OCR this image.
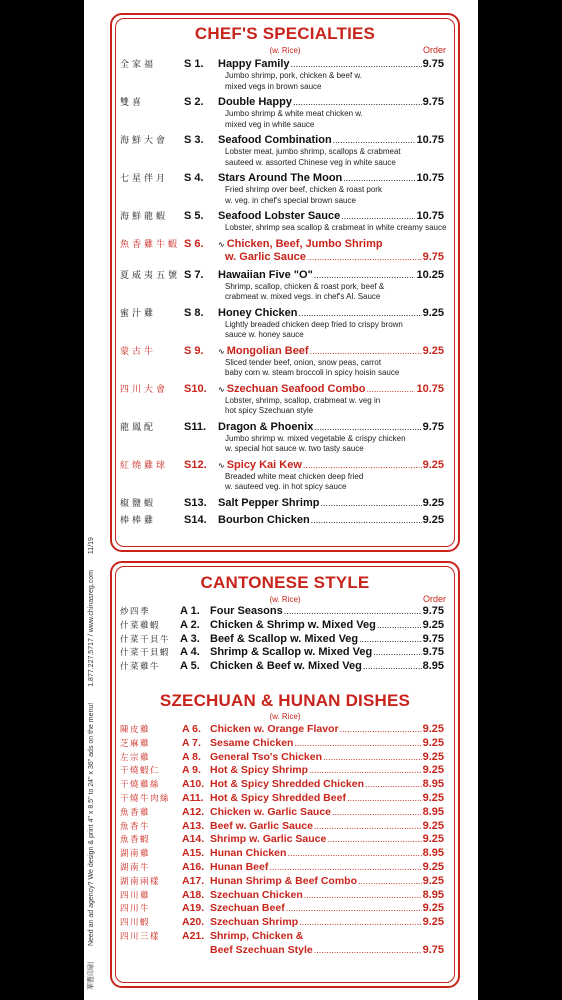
華豐印刷 Need an ad agency? We design & print 4" x 8.5" to 24" x 36" ads on the menu! 1.877.227.5717 / www.chinasreg.com 11/19
CHEF'S SPECIALTIES
(w. Rice)	Order
全家福	S 1.	Happy Family .....	9.75
Jumbo shrimp, pork, chicken & beef w.
mixed vegs in brown sauce
雙喜	S 2.	Double Happy .....	9.75
Jumbo shrimp & white meat chicken w.
mixed veg in white sauce
海鮮大會	S 3.	Seafood Combination .....	10.75
Lobster meat, jumbo shrimp, scallops & crabmeat
sauteed w. assorted Chinese veg in white sauce
七星伴月	S 4.	Stars Around The Moon .....	10.75
Fried shrimp over beef, chicken & roast pork
w. veg. in chef's special brown sauce
海鮮龍蝦	S 5.	Seafood Lobster Sauce .....	10.75
Lobster, shrimp sea scallop & crabmeat in white creamy sauce
魚香雞牛蝦 S 6.	∿ Chicken, Beef, Jumbo Shrimp
w. Garlic Sauce .....	9.75
夏威夷五號 S 7.	Hawaiian Five "O" .....	10.25
Shrimp, scallop, chicken & roast pork, beef &
crabmeat w. mixed vegs. in chef's Al. Sauce
蜜汁雞	S 8.	Honey Chicken .....	9.25
Lightly breaded chicken deep fried to crispy brown
sauce w. honey sauce
蒙古牛	S 9.	∿ Mongolian Beef .....	9.25
Sliced tender beef, onion, snow peas, carrot
baby corn w. steam broccoli in spicy hoisin sauce
四川大會	S10.	∿ Szechuan Seafood Combo .....	10.75
Lobster, shrimp, scallop, crabmeat w. veg in
hot spicy Szechuan style
龍鳳配	S11.	Dragon & Phoenix .....	9.75
Jumbo shrimp w. mixed vegetable & crispy chicken
w. special hot sauce w. two tasty sauce
紅燒雞球	S12.	∿ Spicy Kai Kew .....	9.25
Breaded white meat chicken deep fried
w. sauteed veg. in hot spicy sauce
椒鹽蝦	S13.	Salt Pepper Shrimp .....	9.25
棒棒雞	S14.	Bourbon Chicken .....	9.25
CANTONESE STYLE
(w. Rice)	Order
炒四季	A 1. Four Seasons .....	9.75
什菜雞蝦	A 2. Chicken & Shrimp w. Mixed Veg .....	9.25
什菜干貝牛 A 3. Beef & Scallop w. Mixed Veg .....	9.75
什菜干貝蝦 A 4. Shrimp & Scallop w. Mixed Veg .....	9.75
什菜雞牛	A 5. Chicken & Beef w. Mixed Veg .....	8.95
SZECHUAN & HUNAN DISHES
(w. Rice)
陳皮雞	A 6. Chicken w. Orange Flavor .....	9.25
芝麻雞	A 7. Sesame Chicken .....	9.25
左宗雞	A 8. General Tso's Chicken .....	9.25
干燒蝦仁	A 9. Hot & Spicy Shrimp .....	9.25
干燒雞絲	A10. Hot & Spicy Shredded Chicken .....	8.95
干燒牛肉絲	A11. Hot & Spicy Shredded Beef .....	9.25
魚香雞	A12. Chicken w. Garlic Sauce .....	8.95
魚香牛	A13. Beef w. Garlic Sauce .....	9.25
魚香蝦	A14. Shrimp w. Garlic Sauce .....	9.25
湖南雞	A15. Hunan Chicken .....	8.95
湖南牛	A16. Hunan Beef .....	9.25
湖南兩樣	A17. Hunan Shrimp & Beef Combo .....	9.25
四川雞	A18. Szechuan Chicken .....	8.95
四川牛	A19. Szechuan Beef .....	9.25
四川蝦	A20. Szechuan Shrimp .....	9.25
四川三樣	A21. Shrimp, Chicken &
Beef Szechuan Style .....	9.75
